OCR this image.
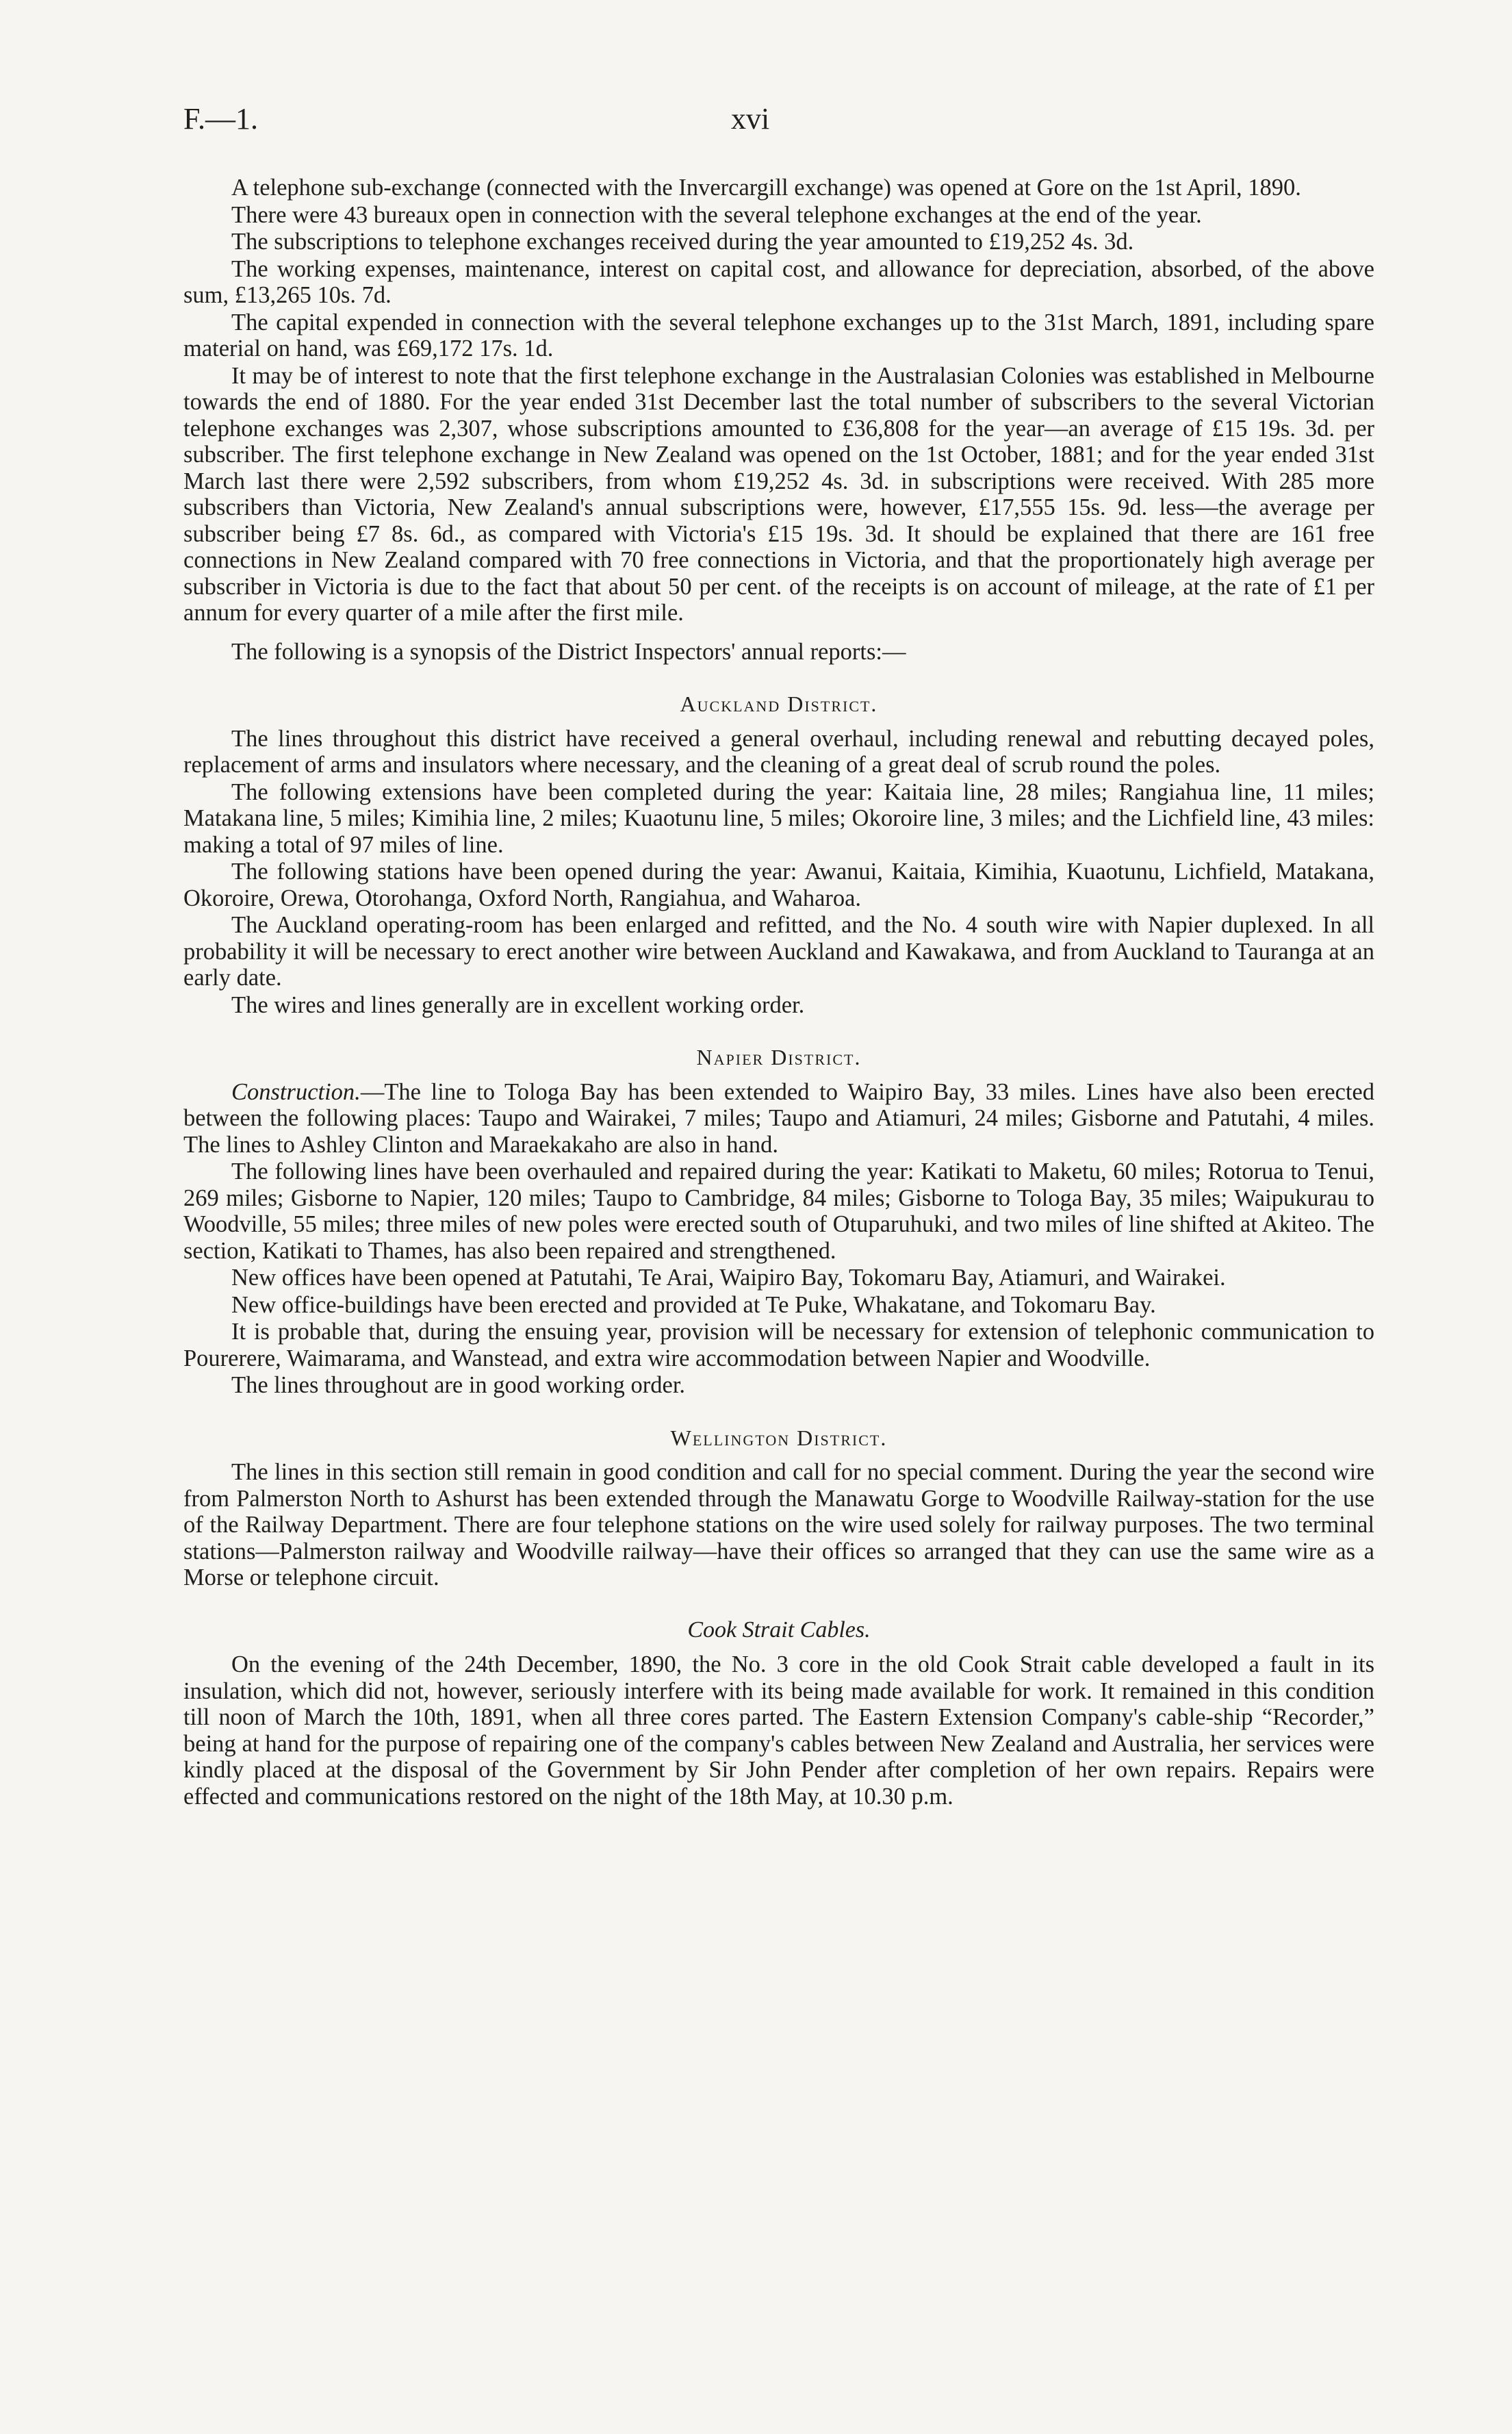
F.—1.	xvi

A telephone sub-exchange (connected with the Invercargill exchange) was opened at Gore on the 1st April, 1890.

There were 43 bureaux open in connection with the several telephone exchanges at the end of the year.

The subscriptions to telephone exchanges received during the year amounted to £19,252 4s. 3d.

The working expenses, maintenance, interest on capital cost, and allowance for depreciation, absorbed, of the above sum, £13,265 10s. 7d.

The capital expended in connection with the several telephone exchanges up to the 31st March, 1891, including spare material on hand, was £69,172 17s. 1d.

It may be of interest to note that the first telephone exchange in the Australasian Colonies was established in Melbourne towards the end of 1880. For the year ended 31st December last the total number of subscribers to the several Victorian telephone exchanges was 2,307, whose subscriptions amounted to £36,808 for the year—an average of £15 19s. 3d. per subscriber. The first telephone exchange in New Zealand was opened on the 1st October, 1881; and for the year ended 31st March last there were 2,592 subscribers, from whom £19,252 4s. 3d. in subscriptions were received. With 285 more subscribers than Victoria, New Zealand's annual subscriptions were, however, £17,555 15s. 9d. less—the average per subscriber being £7 8s. 6d., as compared with Victoria's £15 19s. 3d. It should be explained that there are 161 free connections in New Zealand compared with 70 free connections in Victoria, and that the proportionately high average per subscriber in Victoria is due to the fact that about 50 per cent. of the receipts is on account of mileage, at the rate of £1 per annum for every quarter of a mile after the first mile.

The following is a synopsis of the District Inspectors' annual reports:—

Auckland District.

The lines throughout this district have received a general overhaul, including renewal and rebutting decayed poles, replacement of arms and insulators where necessary, and the cleaning of a great deal of scrub round the poles.

The following extensions have been completed during the year: Kaitaia line, 28 miles; Rangiahua line, 11 miles; Matakana line, 5 miles; Kimihia line, 2 miles; Kuaotunu line, 5 miles; Okoroire line, 3 miles; and the Lichfield line, 43 miles: making a total of 97 miles of line.

The following stations have been opened during the year: Awanui, Kaitaia, Kimihia, Kuaotunu, Lichfield, Matakana, Okoroire, Orewa, Otorohanga, Oxford North, Rangiahua, and Waharoa.

The Auckland operating-room has been enlarged and refitted, and the No. 4 south wire with Napier duplexed. In all probability it will be necessary to erect another wire between Auckland and Kawakawa, and from Auckland to Tauranga at an early date.

The wires and lines generally are in excellent working order.

Napier District.

Construction.—The line to Tologa Bay has been extended to Waipiro Bay, 33 miles. Lines have also been erected between the following places: Taupo and Wairakei, 7 miles; Taupo and Atiamuri, 24 miles; Gisborne and Patutahi, 4 miles. The lines to Ashley Clinton and Maraekakaho are also in hand.

The following lines have been overhauled and repaired during the year: Katikati to Maketu, 60 miles; Rotorua to Tenui, 269 miles; Gisborne to Napier, 120 miles; Taupo to Cambridge, 84 miles; Gisborne to Tologa Bay, 35 miles; Waipukurau to Woodville, 55 miles; three miles of new poles were erected south of Otuparuhuki, and two miles of line shifted at Akiteo. The section, Katikati to Thames, has also been repaired and strengthened.

New offices have been opened at Patutahi, Te Arai, Waipiro Bay, Tokomaru Bay, Atiamuri, and Wairakei.

New office-buildings have been erected and provided at Te Puke, Whakatane, and Tokomaru Bay.

It is probable that, during the ensuing year, provision will be necessary for extension of telephonic communication to Pourerere, Waimarama, and Wanstead, and extra wire accommodation between Napier and Woodville.

The lines throughout are in good working order.

Wellington District.

The lines in this section still remain in good condition and call for no special comment. During the year the second wire from Palmerston North to Ashurst has been extended through the Manawatu Gorge to Woodville Railway-station for the use of the Railway Department. There are four telephone stations on the wire used solely for railway purposes. The two terminal stations—Palmerston railway and Woodville railway—have their offices so arranged that they can use the same wire as a Morse or telephone circuit.

Cook Strait Cables.

On the evening of the 24th December, 1890, the No. 3 core in the old Cook Strait cable developed a fault in its insulation, which did not, however, seriously interfere with its being made available for work. It remained in this condition till noon of March the 10th, 1891, when all three cores parted. The Eastern Extension Company's cable-ship “Recorder,” being at hand for the purpose of repairing one of the company's cables between New Zealand and Australia, her services were kindly placed at the disposal of the Government by Sir John Pender after completion of her own repairs. Repairs were effected and communications restored on the night of the 18th May, at 10.30 p.m.
